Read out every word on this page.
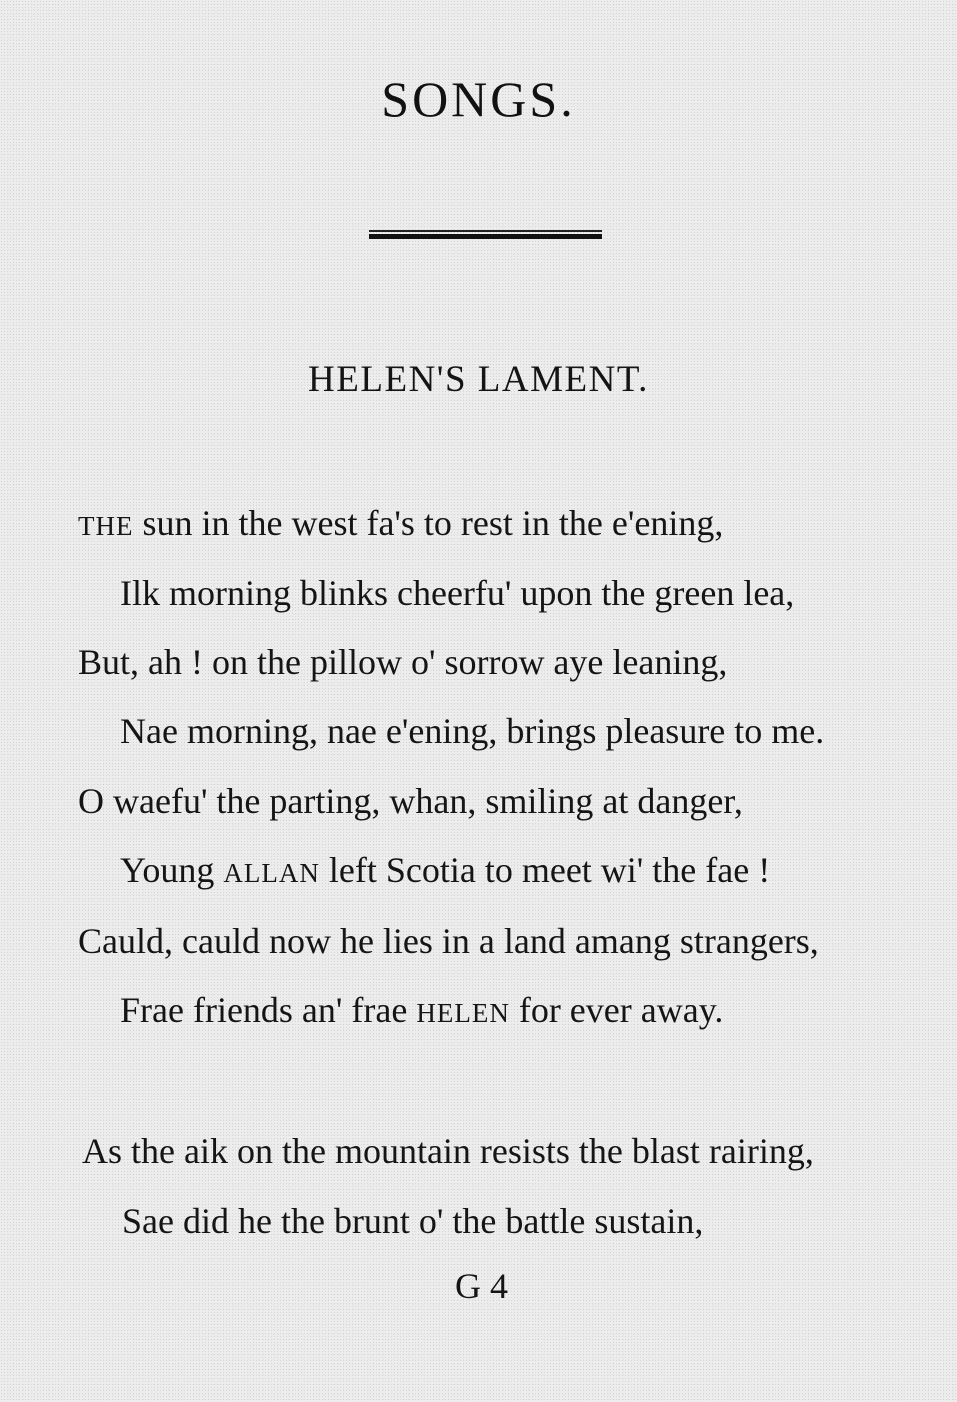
SONGS.
HELEN'S LAMENT.
THE sun in the west fa's to rest in the e'ening,
Ilk morning blinks cheerfu' upon the green lea,
But, ah ! on the pillow o' sorrow aye leaning,
Nae morning, nae e'ening, brings pleasure to me.
O waefu' the parting, whan, smiling at danger,
Young ALLAN left Scotia to meet wi' the fae !
Cauld, cauld now he lies in a land amang strangers,
Frae friends an' frae HELEN for ever away.
As the aik on the mountain resists the blast rairing,
Sae did he the brunt o' the battle sustain,
G 4
